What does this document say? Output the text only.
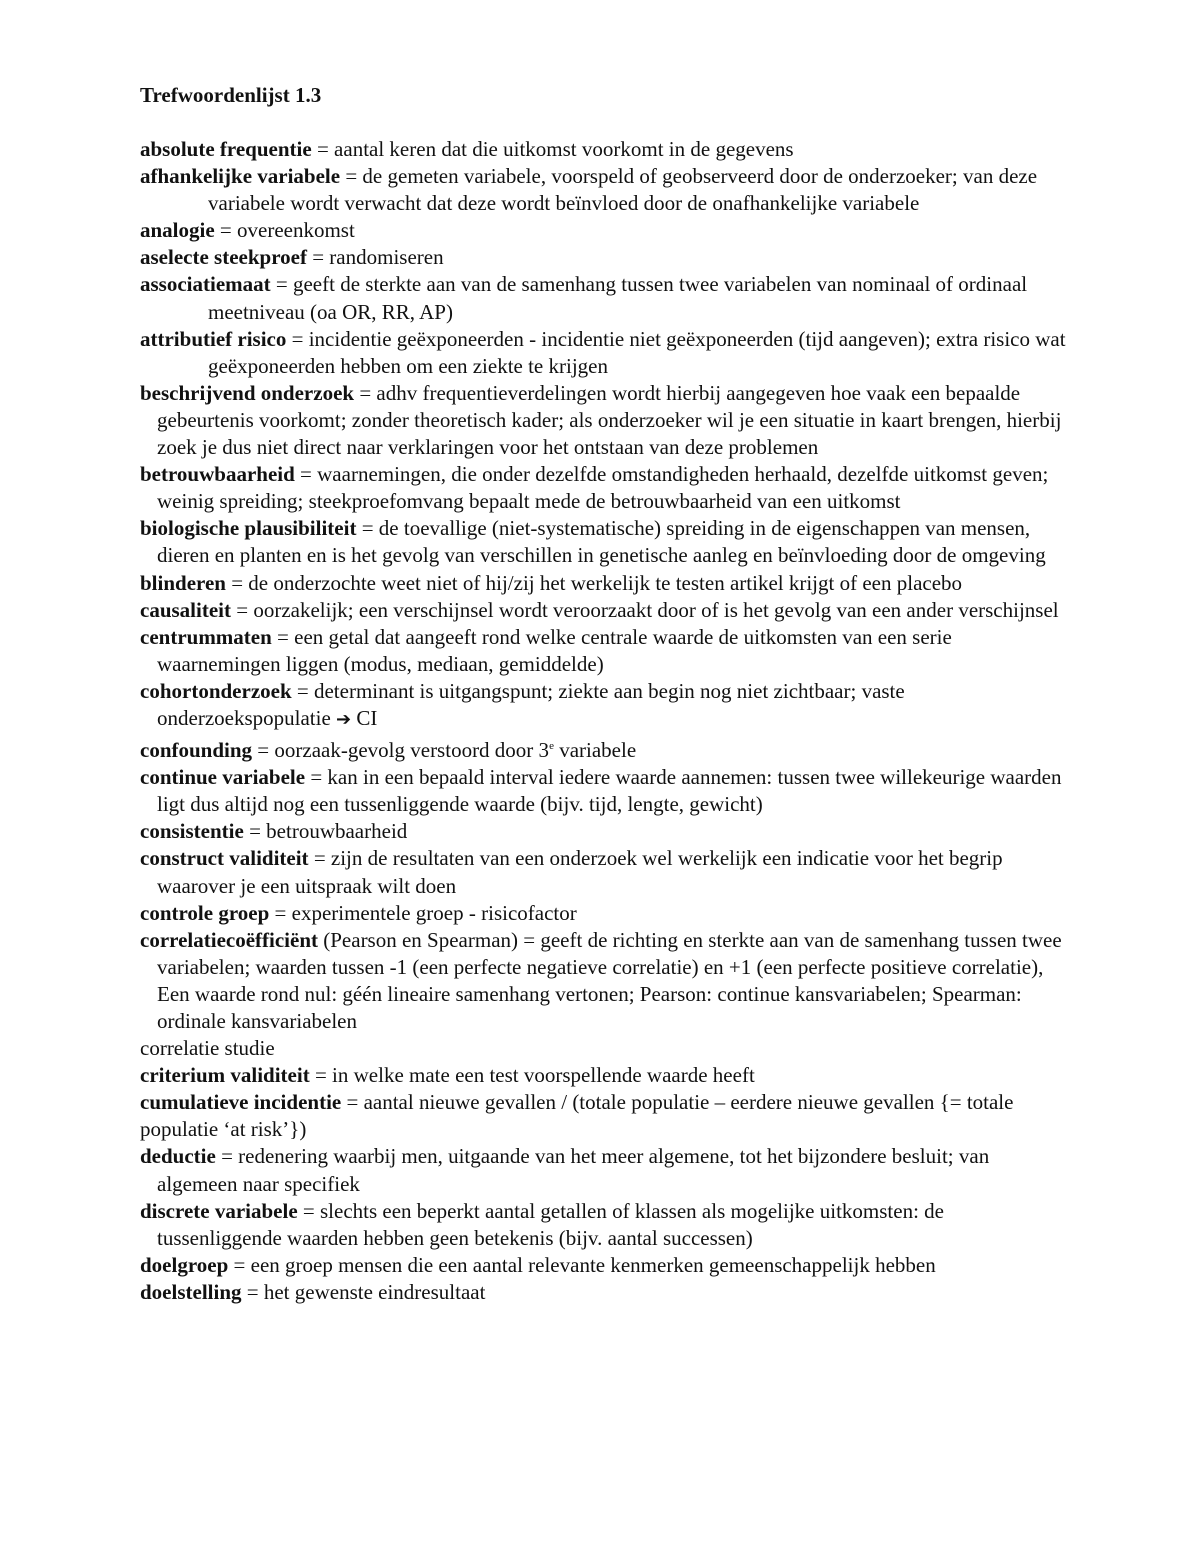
Trefwoordenlijst 1.3

absolute frequentie = aantal keren dat die uitkomst voorkomt in de gegevens

afhankelijke variabele = de gemeten variabele, voorspeld of geobserveerd door de onderzoeker; van deze variabele wordt verwacht dat deze wordt beïnvloed door de onafhankelijke variabele

analogie = overeenkomst

aselecte steekproef = randomiseren

associatiemaat = geeft de sterkte aan van de samenhang tussen twee variabelen van nominaal of ordinaal meetniveau (oa OR, RR, AP)

attributief risico = incidentie geëxponeerden - incidentie niet geëxponeerden (tijd aangeven); extra risico wat geëxponeerden hebben om een ziekte te krijgen

beschrijvend onderzoek = adhv frequentieverdelingen wordt hierbij aangegeven hoe vaak een bepaalde gebeurtenis voorkomt; zonder theoretisch kader; als onderzoeker wil je een situatie in kaart brengen, hierbij zoek je dus niet direct naar verklaringen voor het ontstaan van deze problemen

betrouwbaarheid = waarnemingen, die onder dezelfde omstandigheden herhaald, dezelfde uitkomst geven; weinig spreiding; steekproefomvang bepaalt mede de betrouwbaarheid van een uitkomst

biologische plausibiliteit = de toevallige (niet-systematische) spreiding in de eigenschappen van mensen, dieren en planten en is het gevolg van verschillen in genetische aanleg en beïnvloeding door de omgeving

blinderen = de onderzochte weet niet of hij/zij het werkelijk te testen artikel krijgt of een placebo

causaliteit = oorzakelijk; een verschijnsel wordt veroorzaakt door of is het gevolg van een ander verschijnsel

centrummaten = een getal dat aangeeft rond welke centrale waarde de uitkomsten van een serie waarnemingen liggen (modus, mediaan, gemiddelde)

cohortonderzoek = determinant is uitgangspunt; ziekte aan begin nog niet zichtbaar; vaste onderzoekspopulatie ➔ CI

confounding = oorzaak-gevolg verstoord door 3e variabele

continue variabele = kan in een bepaald interval iedere waarde aannemen: tussen twee willekeurige waarden ligt dus altijd nog een tussenliggende waarde (bijv. tijd, lengte, gewicht)

consistentie = betrouwbaarheid

construct validiteit = zijn de resultaten van een onderzoek wel werkelijk een indicatie voor het begrip waarover je een uitspraak wilt doen

controle groep = experimentele groep - risicofactor

correlatiecoëfficiënt (Pearson en Spearman) = geeft de richting en sterkte aan van de samenhang tussen twee variabelen; waarden tussen -1 (een perfecte negatieve correlatie) en +1 (een perfecte positieve correlatie), Een waarde rond nul: géén lineaire samenhang vertonen; Pearson: continue kansvariabelen; Spearman: ordinale kansvariabelen

correlatie studie

criterium validiteit = in welke mate een test voorspellende waarde heeft

cumulatieve incidentie = aantal nieuwe gevallen / (totale populatie – eerdere nieuwe gevallen {= totale populatie ‘at risk’})

deductie = redenering waarbij men, uitgaande van het meer algemene, tot het bijzondere besluit; van algemeen naar specifiek

discrete variabele = slechts een beperkt aantal getallen of klassen als mogelijke uitkomsten: de tussenliggende waarden hebben geen betekenis (bijv. aantal successen)

doelgroep = een groep mensen die een aantal relevante kenmerken gemeenschappelijk hebben

doelstelling = het gewenste eindresultaat
